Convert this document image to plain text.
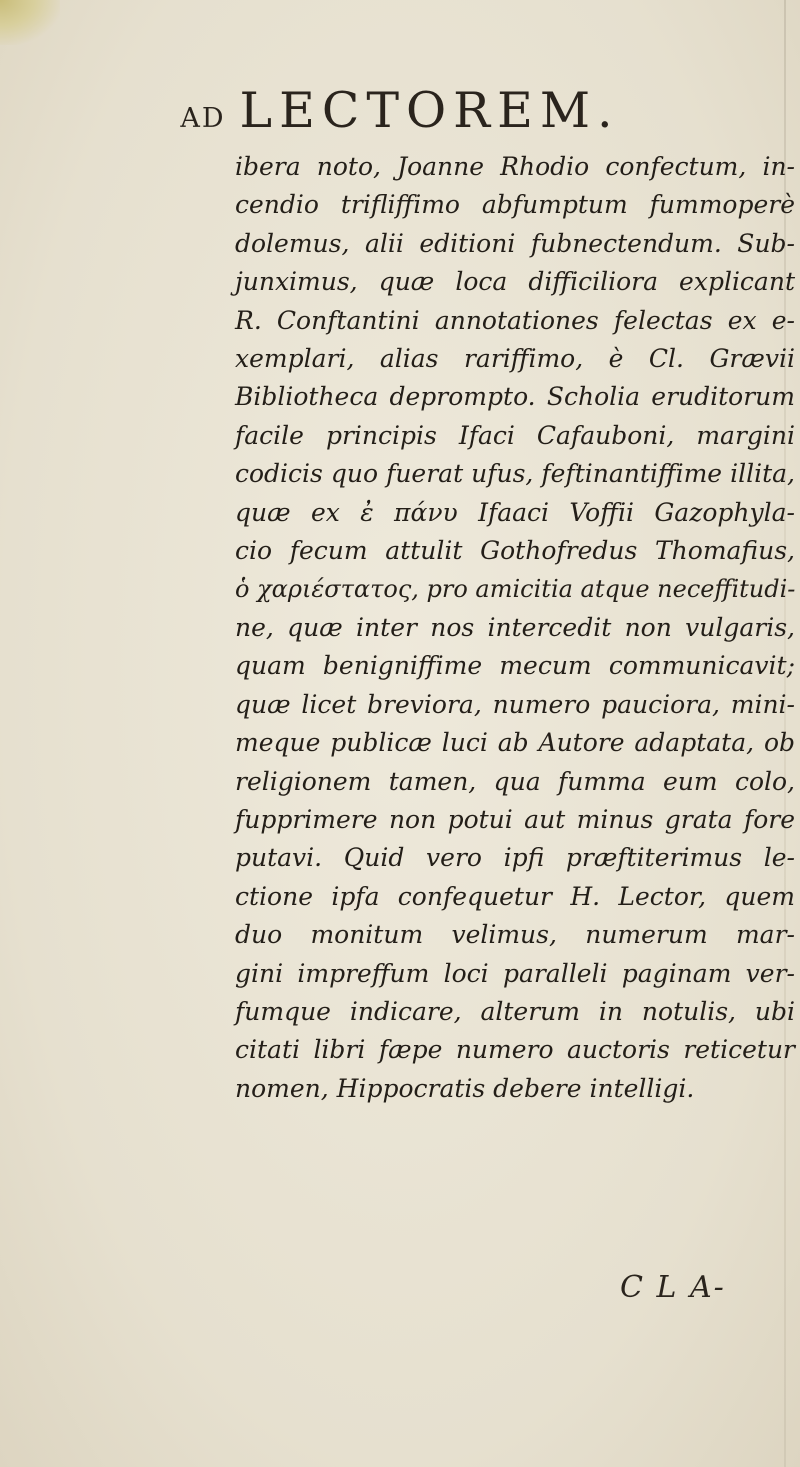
AD LECTOREM.
ibera noto, Joanne Rhodio confectum, in-
cendio trifliffimo abfumptum fummoperè
dolemus, alii editioni fubnectendum. Sub-
junximus, quæ loca difficiliora explicant
R. Conftantini annotationes felectas ex e-
xemplari, alias rariffimo, è Cl. Grævii
Bibliotheca deprompto. Scholia eruditorum
facile principis Ifaci Cafauboni, margini
codicis quo fuerat ufus, feftinantiffime illita,
quæ ex ἐ πάνυ Ifaaci Voffii Gazophyla-
cio fecum attulit Gothofredus Thomafius,
ὁ χαριέστατος, pro amicitia atque neceffitudi-
ne, quæ inter nos intercedit non vulgaris,
quam benigniffime mecum communicavit;
quæ licet breviora, numero pauciora, mini-
meque publicæ luci ab Autore adaptata, ob
religionem tamen, qua fumma eum colo,
fupprimere non potui aut minus grata fore
putavi. Quid vero ipfi præftiterimus le-
ctione ipfa confequetur H. Lector, quem
duo monitum velimus, numerum mar-
gini impreffum loci paralleli paginam ver-
fumque indicare, alterum in notulis, ubi
citati libri fæpe numero auctoris reticetur
nomen, Hippocratis debere intelligi.
C L A-
